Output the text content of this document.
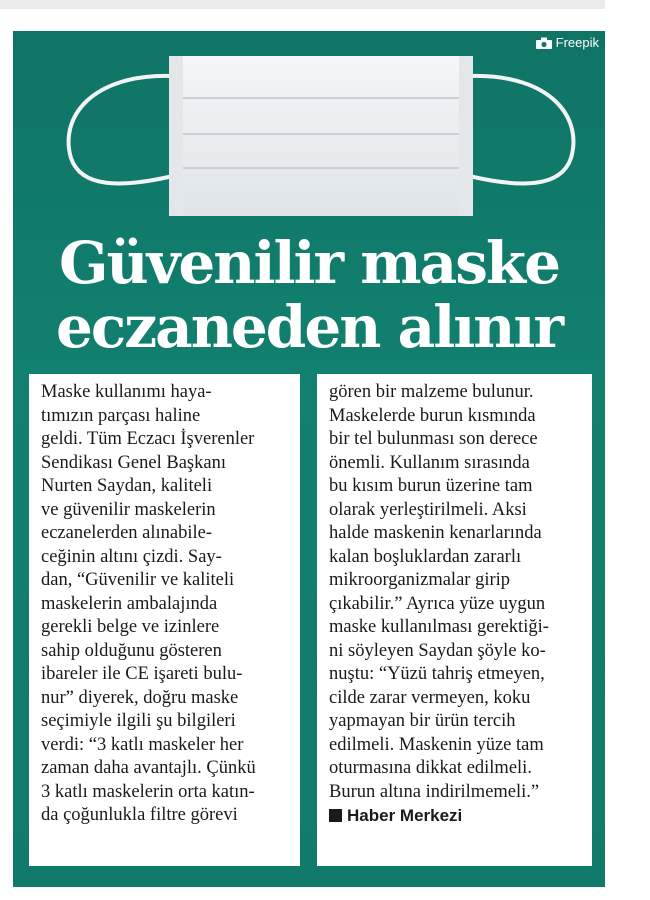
Freepik
Güvenilir maske
eczaneden alınır
Maske kullanımı haya-
tımızın parçası haline
geldi. Tüm Eczacı İşverenler
Sendikası Genel Başkanı
Nurten Saydan, kaliteli
ve güvenilir maskelerin
eczanelerden alınabile-
ceğinin altını çizdi. Say-
dan, “Güvenilir ve kaliteli
maskelerin ambalajında
gerekli belge ve izinlere
sahip olduğunu gösteren
ibareler ile CE işareti bulu-
nur” diyerek, doğru maske
seçimiyle ilgili şu bilgileri
verdi: “3 katlı maskeler her
zaman daha avantajlı. Çünkü
3 katlı maskelerin orta katın-
da çoğunlukla filtre görevi
gören bir malzeme bulunur.
Maskelerde burun kısmında
bir tel bulunması son derece
önemli. Kullanım sırasında
bu kısım burun üzerine tam
olarak yerleştirilmeli. Aksi
halde maskenin kenarlarında
kalan boşluklardan zararlı
mikroorganizmalar girip
çıkabilir.” Ayrıca yüze uygun
maske kullanılması gerektiği-
ni söyleyen Saydan şöyle ko-
nuştu: “Yüzü tahriş etmeyen,
cilde zarar vermeyen, koku
yapmayan bir ürün tercih
edilmeli. Maskenin yüze tam
oturmasına dikkat edilmeli.
Burun altına indirilmemeli.”
Haber Merkezi
